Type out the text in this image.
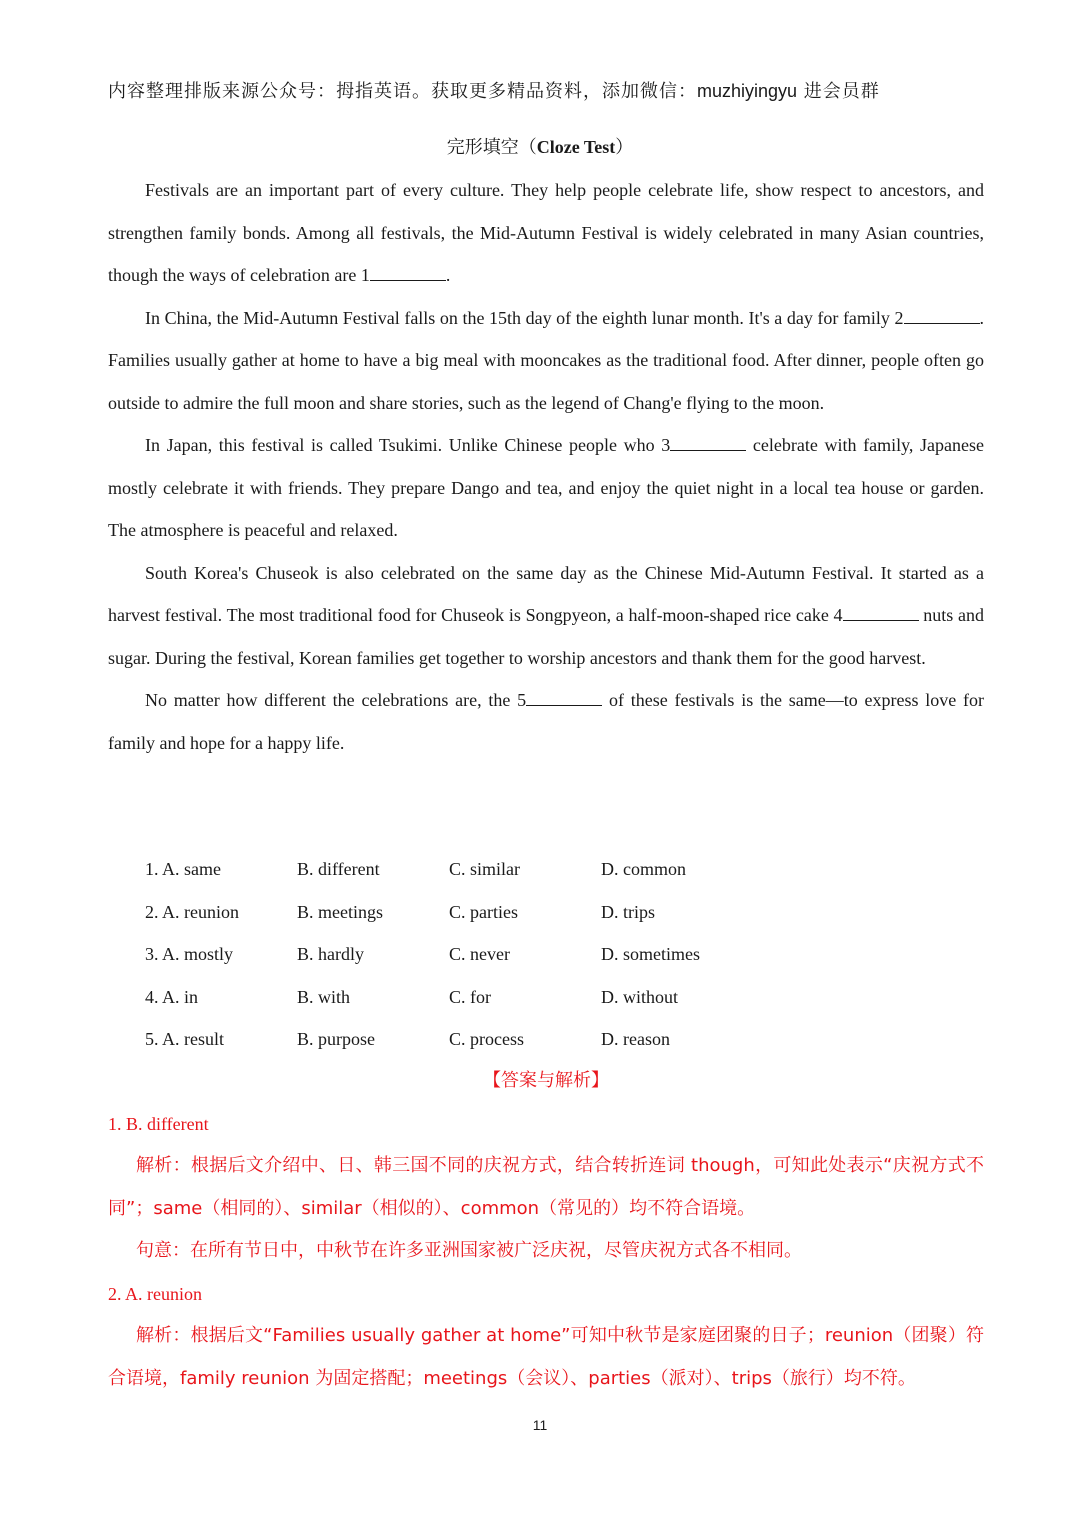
内容整理排版来源公众号：拇指英语。获取更多精品资料，添加微信：muzhiyingyu 进会员群
完形填空（Cloze Test）

Festivals are an important part of every culture. They help people celebrate life, show respect to ancestors, and strengthen family bonds. Among all festivals, the Mid-Autumn Festival is widely celebrated in many Asian countries, though the ways of celebration are 1	.

In China, the Mid-Autumn Festival falls on the 15th day of the eighth lunar month. It's a day for family 2	. Families usually gather at home to have a big meal with mooncakes as the traditional food. After dinner, people often go outside to admire the full moon and share stories, such as the legend of Chang'e flying to the moon.

In Japan, this festival is called Tsukimi. Unlike Chinese people who 3	celebrate with family, Japanese mostly celebrate it with friends. They prepare Dango and tea, and enjoy the quiet night in a local tea house or garden. The atmosphere is peaceful and relaxed.

South Korea's Chuseok is also celebrated on the same day as the Chinese Mid-Autumn Festival. It started as a harvest festival. The most traditional food for Chuseok is Songpyeon, a half-moon-shaped rice cake 4	nuts and sugar. During the festival, Korean families get together to worship ancestors and thank them for the good harvest.

No matter how different the celebrations are, the 5	of these festivals is the same—to express love for family and hope for a happy life.

1. A. same	B. different	C. similar	D. common
2. A. reunion	B. meetings	C. parties	D. trips
3. A. mostly	B. hardly	C. never	D. sometimes
4. A. in	B. with	C. for	D. without
5. A. result	B. purpose	C. process	D. reason
【答案与解析】
1. B. different

解析：根据后文介绍中、日、韩三国不同的庆祝方式，结合转折连词 though，可知此处表示“庆祝方式不同”；same（相同的）、similar（相似的）、common（常见的）均不符合语境。

句意：在所有节日中，中秋节在许多亚洲国家被广泛庆祝，尽管庆祝方式各不相同。

2. A. reunion

解析：根据后文“Families usually gather at home”可知中秋节是家庭团聚的日子；reunion（团聚）符合语境，family reunion 为固定搭配；meetings（会议）、parties（派对）、trips（旅行）均不符。

11
